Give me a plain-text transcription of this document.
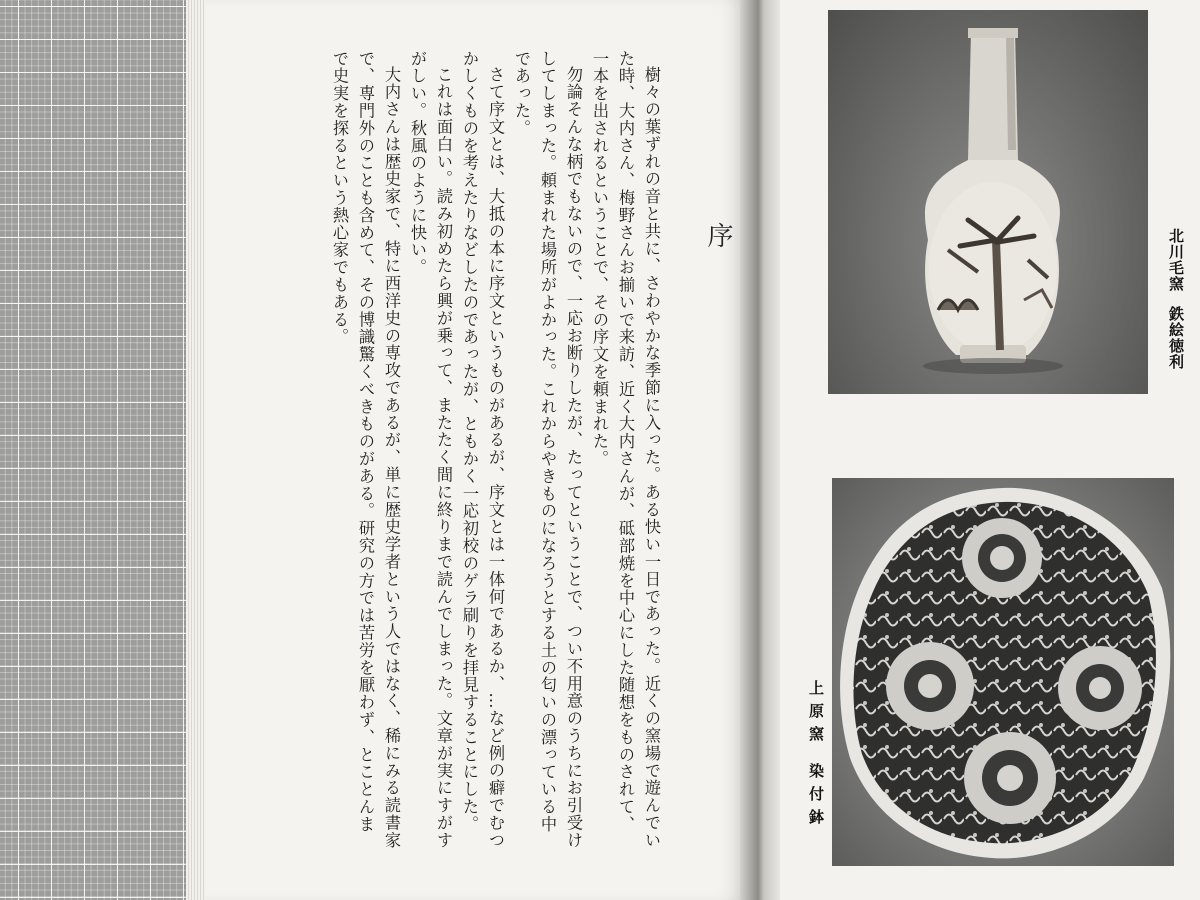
序

樹々の葉ずれの音と共に、さわやかな季節に入った。ある快い一日であった。近くの窯場で遊んでいた時、大内さん、梅野さんお揃いで来訪、近く大内さんが、砥部焼を中心にした随想をものされて、一本を出されるということで、その序文を頼まれた。

勿論そんな柄でもないので、一応お断りしたが、たってということで、つい不用意のうちにお引受けしてしまった。頼まれた場所がよかった。これからやきものになろうとする土の匂いの漂っている中であった。

さて序文とは、大抵の本に序文というものがあるが、序文とは一体何であるか、…など例の癖でむつかしくものを考えたりなどしたのであったが、ともかく一応初校のゲラ刷りを拝見することにした。

これは面白い。読み初めたら興が乗って、またたく間に終りまで読んでしまった。文章が実にすがすがしい。秋風のように快い。

大内さんは歴史家で、特に西洋史の専攻であるが、単に歴史学者という人ではなく、稀にみる読書家で、専門外のことも含めて、その博識驚くべきものがある。研究の方では苦労を厭わず、とことんまで史実を探るという熱心家でもある。	北川毛窯鉄絵徳利
上原窯染付鉢
